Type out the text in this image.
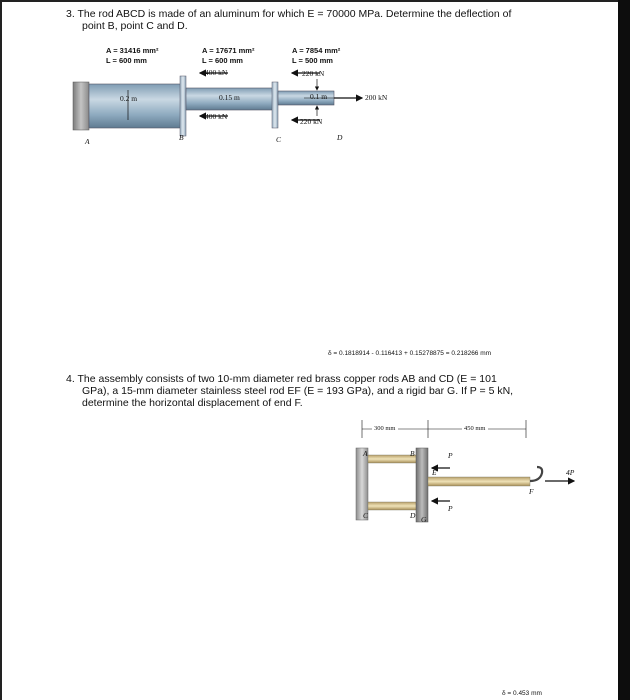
3. The rod ABCD is made of an aluminum for which E = 70000 MPa. Determine the deflection of
point B, point C and D.
A = 31416 mm²
L = 600 mm
A = 17671 mm²
L = 600 mm
A = 7854 mm²
L = 500 mm
400 kN
400 kN
220 kN
220 kN
200 kN
0.2 m	0.15 m	0.1 m
A	B	C	D
δ = 0.1818914 - 0.116413 + 0.15278875 = 0.218266 mm
4. The assembly consists of two 10-mm diameter red brass copper rods AB and CD (E = 101
GPa), a 15-mm diameter stainless steel rod EF (E = 193 GPa), and a rigid bar G. If P = 5 kN,
determine the horizontal displacement of end F.
300 mm	450 mm
A	B
C	D
E
F
G
P
P
4P
δ = 0.453 mm
